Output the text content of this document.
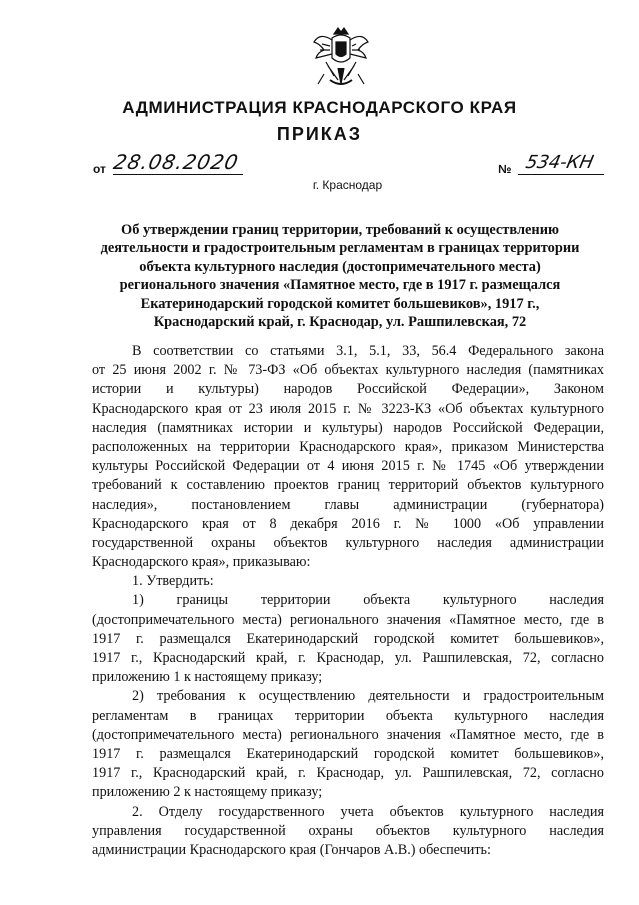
АДМИНИСТРАЦИЯ КРАСНОДАРСКОГО КРАЯ
ПРИКАЗ
от 28.08.2020	№ 534-КН
г. Краснодар
Об утверждении границ территории, требований к осуществлению
деятельности и градостроительным регламентам в границах территории
объекта культурного наследия (достопримечательного места)
регионального значения «Памятное место, где в 1917 г. размещался
Екатеринодарский городской комитет большевиков», 1917 г.,
Краснодарский край, г. Краснодар, ул. Рашпилевская, 72
В соответствии со статьями 3.1, 5.1, 33, 56.4 Федерального закона
от 25 июня 2002 г. № 73-ФЗ «Об объектах культурного наследия (памятниках
истории и культуры) народов Российской Федерации», Законом
Краснодарского края от 23 июля 2015 г. № 3223-КЗ «Об объектах культурного
наследия (памятниках истории и культуры) народов Российской Федерации,
расположенных на территории Краснодарского края», приказом Министерства
культуры Российской Федерации от 4 июня 2015 г. № 1745 «Об утверждении
требований к составлению проектов границ территорий объектов культурного
наследия», постановлением главы администрации (губернатора)
Краснодарского края от 8 декабря 2016 г. № 1000 «Об управлении
государственной охраны объектов культурного наследия администрации
Краснодарского края», приказываю:
1. Утвердить:
1) границы территории объекта культурного наследия
(достопримечательного места) регионального значения «Памятное место, где в
1917 г. размещался Екатеринодарский городской комитет большевиков»,
1917 г., Краснодарский край, г. Краснодар, ул. Рашпилевская, 72, согласно
приложению 1 к настоящему приказу;
2) требования к осуществлению деятельности и градостроительным
регламентам в границах территории объекта культурного наследия
(достопримечательного места) регионального значения «Памятное место, где в
1917 г. размещался Екатеринодарский городской комитет большевиков»,
1917 г., Краснодарский край, г. Краснодар, ул. Рашпилевская, 72, согласно
приложению 2 к настоящему приказу;
2. Отделу государственного учета объектов культурного наследия
управления государственной охраны объектов культурного наследия
администрации Краснодарского края (Гончаров А.В.) обеспечить:
